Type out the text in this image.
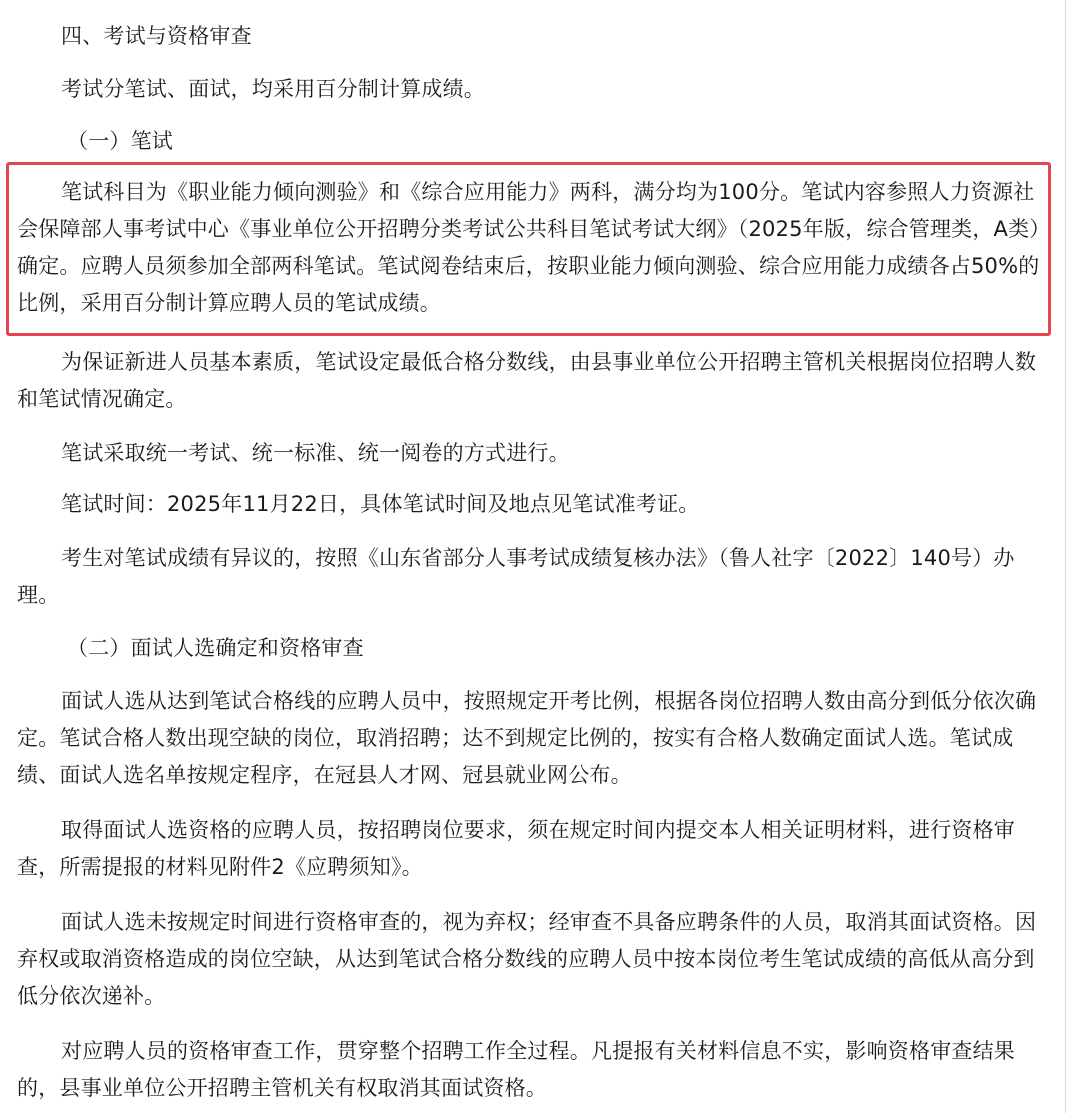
四、考试与资格审查

考试分笔试、面试，均采用百分制计算成绩。

（一）笔试

笔试科目为《职业能力倾向测验》和《综合应用能力》两科，满分均为100分。笔试内容参照人力资源社会保障部人事考试中心《事业单位公开招聘分类考试公共科目笔试考试大纲》（2025年版，综合管理类，A类）确定。应聘人员须参加全部两科笔试。笔试阅卷结束后，按职业能力倾向测验、综合应用能力成绩各占50%的比例，采用百分制计算应聘人员的笔试成绩。

为保证新进人员基本素质，笔试设定最低合格分数线，由县事业单位公开招聘主管机关根据岗位招聘人数和笔试情况确定。

笔试采取统一考试、统一标准、统一阅卷的方式进行。

笔试时间：2025年11月22日，具体笔试时间及地点见笔试准考证。

考生对笔试成绩有异议的，按照《山东省部分人事考试成绩复核办法》（鲁人社字〔2022〕140号）办理。

（二）面试人选确定和资格审查

面试人选从达到笔试合格线的应聘人员中，按照规定开考比例，根据各岗位招聘人数由高分到低分依次确定。笔试合格人数出现空缺的岗位，取消招聘；达不到规定比例的，按实有合格人数确定面试人选。笔试成绩、面试人选名单按规定程序，在冠县人才网、冠县就业网公布。

取得面试人选资格的应聘人员，按招聘岗位要求，须在规定时间内提交本人相关证明材料，进行资格审查，所需提报的材料见附件2《应聘须知》。

面试人选未按规定时间进行资格审查的，视为弃权；经审查不具备应聘条件的人员，取消其面试资格。因弃权或取消资格造成的岗位空缺，从达到笔试合格分数线的应聘人员中按本岗位考生笔试成绩的高低从高分到低分依次递补。

对应聘人员的资格审查工作，贯穿整个招聘工作全过程。凡提报有关材料信息不实，影响资格审查结果的，县事业单位公开招聘主管机关有权取消其面试资格。
